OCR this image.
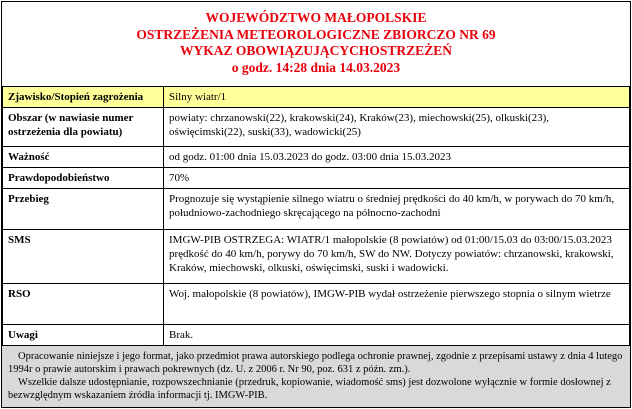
WOJEWÓDZTWO MAŁOPOLSKIE
OSTRZEŻENIA METEOROLOGICZNE ZBIORCZO NR 69
WYKAZ OBOWIĄZUJĄCYCHOSTRZEŻEŃ
o godz. 14:28 dnia 14.03.2023
Zjawisko/Stopień zagrożenia	Silny wiatr/1
Obszar (w nawiasie numer ostrzeżenia dla powiatu)	powiaty: chrzanowski(22), krakowski(24), Kraków(23), miechowski(25), olkuski(23), oświęcimski(22), suski(33), wadowicki(25)
Ważność	od godz. 01:00 dnia 15.03.2023 do godz. 03:00 dnia 15.03.2023
Prawdopodobieństwo	70%
Przebieg	Prognozuje się wystąpienie silnego wiatru o średniej prędkości do 40 km/h, w porywach do 70 km/h, południowo-zachodniego skręcającego na północno-zachodni
SMS	IMGW-PIB OSTRZEGA: WIATR/1 małopolskie (8 powiatów) od 01:00/15.03 do 03:00/15.03.2023 prędkość do 40 km/h, porywy do 70 km/h, SW do NW. Dotyczy powiatów: chrzanowski, krakowski, Kraków, miechowski, olkuski, oświęcimski, suski i wadowicki.
RSO	Woj. małopolskie (8 powiatów), IMGW-PIB wydał ostrzeżenie pierwszego stopnia o silnym wietrze
Uwagi	Brak.

Opracowanie niniejsze i jego format, jako przedmiot prawa autorskiego podlega ochronie prawnej, zgodnie z przepisami ustawy z dnia 4 lutego 1994r o prawie autorskim i prawach pokrewnych (dz. U. z 2006 r. Nr 90, poz. 631 z późn. zm.).

Wszelkie dalsze udostępnianie, rozpowszechnianie (przedruk, kopiowanie, wiadomość sms) jest dozwolone wyłącznie w formie dosłownej z bezwzględnym wskazaniem źródła informacji tj. IMGW-PIB.
